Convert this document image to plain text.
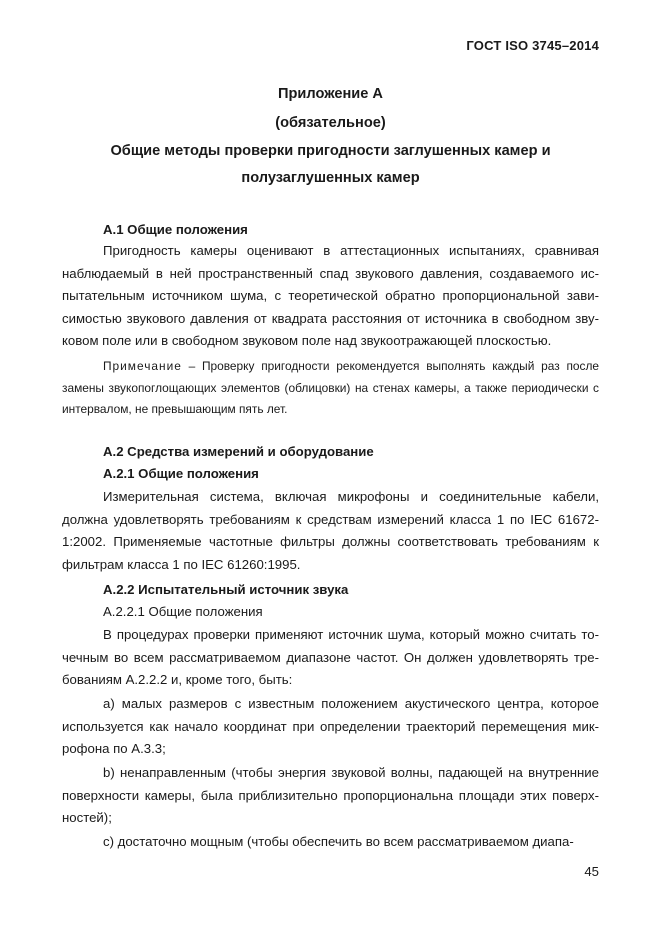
ГОСТ ISO 3745–2014
Приложение А
(обязательное)
Общие методы проверки пригодности заглушенных камер и
полузаглушенных камер
А.1 Общие положения
Пригодность камеры оценивают в аттестационных испытаниях, сравнивая наблюдаемый в ней пространственный спад звукового давления, создаваемого испытательным источником шума, с теоретической обратно пропорциональной зависимостью звукового давления от квадрата расстояния от источника в свободном звуковом поле или в свободном звуковом поле над звукоотражающей плоскостью.
Примечание – Проверку пригодности рекомендуется выполнять каждый раз после замены звукопоглощающих элементов (облицовки) на стенах камеры, а также периодически с интервалом, не превышающим пять лет.
А.2 Средства измерений и оборудование
А.2.1 Общие положения
Измерительная система, включая микрофоны и соединительные кабели, должна удовлетворять требованиям к средствам измерений класса 1 по IEC 61672-1:2002. Применяемые частотные фильтры должны соответствовать требованиям к фильтрам класса 1 по IEC 61260:1995.
А.2.2 Испытательный источник звука
А.2.2.1 Общие положения
В процедурах проверки применяют источник шума, который можно считать точечным во всем рассматриваемом диапазоне частот. Он должен удовлетворять требованиям А.2.2.2 и, кроме того, быть:
а) малых размеров с известным положением акустического центра, которое используется как начало координат при определении траекторий перемещения микрофона по А.3.3;
b) ненаправленным (чтобы энергия звуковой волны, падающей на внутренние поверхности камеры, была приблизительно пропорциональна площади этих поверхностей);
c) достаточно мощным (чтобы обеспечить во всем рассматриваемом диапа-
45
